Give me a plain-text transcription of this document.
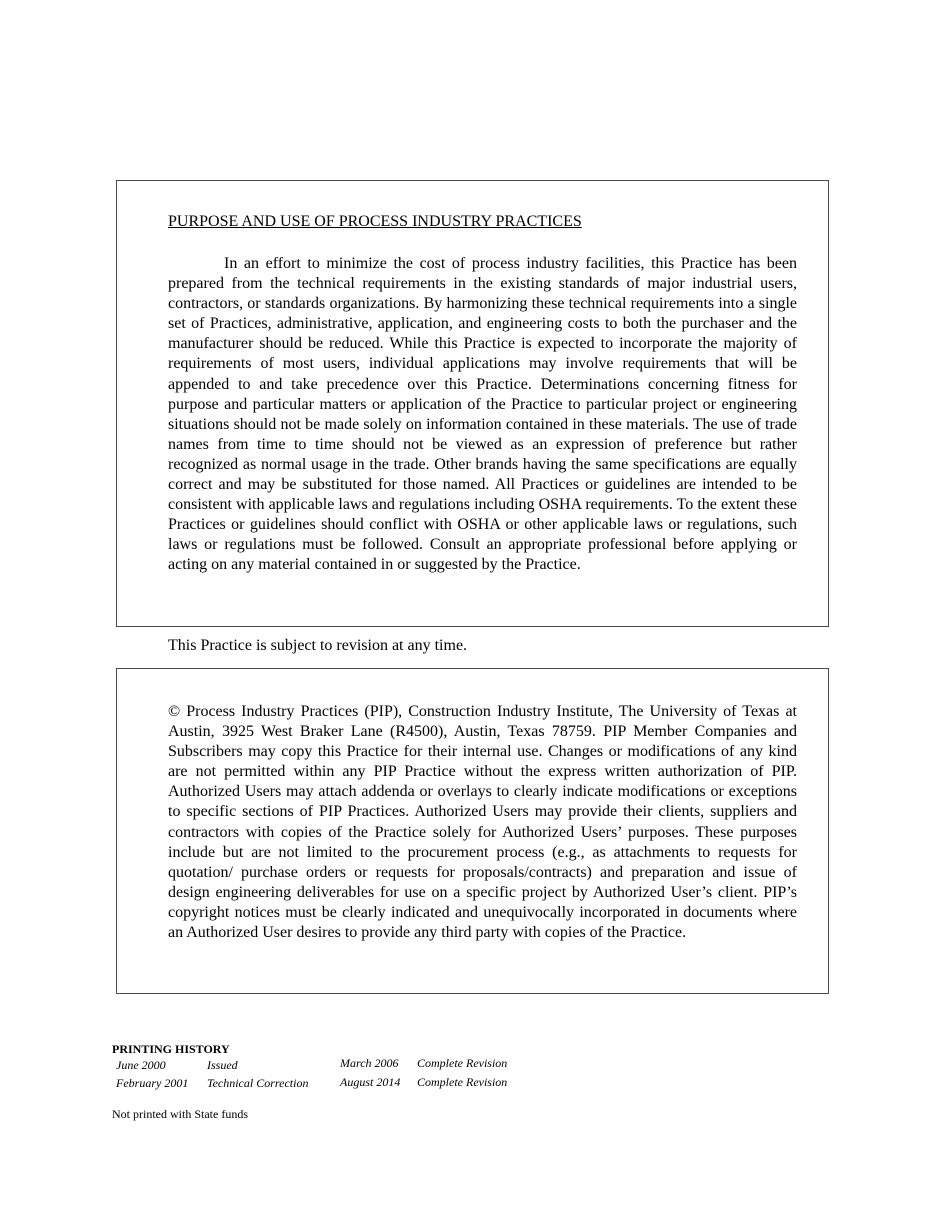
PURPOSE AND USE OF PROCESS INDUSTRY PRACTICES
In an effort to minimize the cost of process industry facilities, this Practice has been prepared from the technical requirements in the existing standards of major industrial users, contractors, or standards organizations. By harmonizing these technical requirements into a single set of Practices, administrative, application, and engineering costs to both the purchaser and the manufacturer should be reduced. While this Practice is expected to incorporate the majority of requirements of most users, individual applications may involve requirements that will be appended to and take precedence over this Practice. Determinations concerning fitness for purpose and particular matters or application of the Practice to particular project or engineering situations should not be made solely on information contained in these materials. The use of trade names from time to time should not be viewed as an expression of preference but rather recognized as normal usage in the trade. Other brands having the same specifications are equally correct and may be substituted for those named. All Practices or guidelines are intended to be consistent with applicable laws and regulations including OSHA requirements. To the extent these Practices or guidelines should conflict with OSHA or other applicable laws or regulations, such laws or regulations must be followed. Consult an appropriate professional before applying or acting on any material contained in or suggested by the Practice.
This Practice is subject to revision at any time.
© Process Industry Practices (PIP), Construction Industry Institute, The University of Texas at Austin, 3925 West Braker Lane (R4500), Austin, Texas 78759. PIP Member Companies and Subscribers may copy this Practice for their internal use. Changes or modifications of any kind are not permitted within any PIP Practice without the express written authorization of PIP. Authorized Users may attach addenda or overlays to clearly indicate modifications or exceptions to specific sections of PIP Practices. Authorized Users may provide their clients, suppliers and contractors with copies of the Practice solely for Authorized Users’ purposes. These purposes include but are not limited to the procurement process (e.g., as attachments to requests for quotation/ purchase orders or requests for proposals/contracts) and preparation and issue of design engineering deliverables for use on a specific project by Authorized User’s client. PIP’s copyright notices must be clearly indicated and unequivocally incorporated in documents where an Authorized User desires to provide any third party with copies of the Practice.
PRINTING HISTORY
June 2000	Issued
February 2001 Technical Correction
March 2006 Complete Revision
August 2014 Complete Revision
Not printed with State funds
